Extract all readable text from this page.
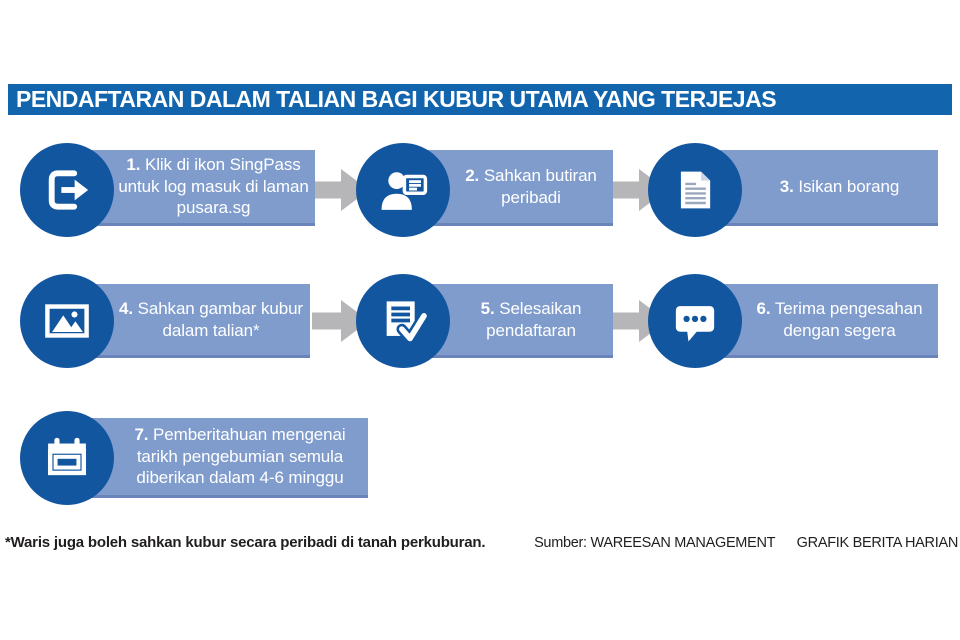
PENDAFTARAN DALAM TALIAN BAGI KUBUR UTAMA YANG TERJEJAS
1. Klik di ikon SingPass untuk log masuk di laman pusara.sg
2. Sahkan butiran peribadi
3. Isikan borang
4. Sahkan gambar kubur dalam talian*
5. Selesaikan pendaftaran
6. Terima pengesahan dengan segera
7. Pemberitahuan mengenai tarikh pengebumian semula diberikan dalam 4-6 minggu
*Waris juga boleh sahkan kubur secara peribadi di tanah perkuburan.	Sumber: WAREESAN MANAGEMENT GRAFIK BERITA HARIAN
